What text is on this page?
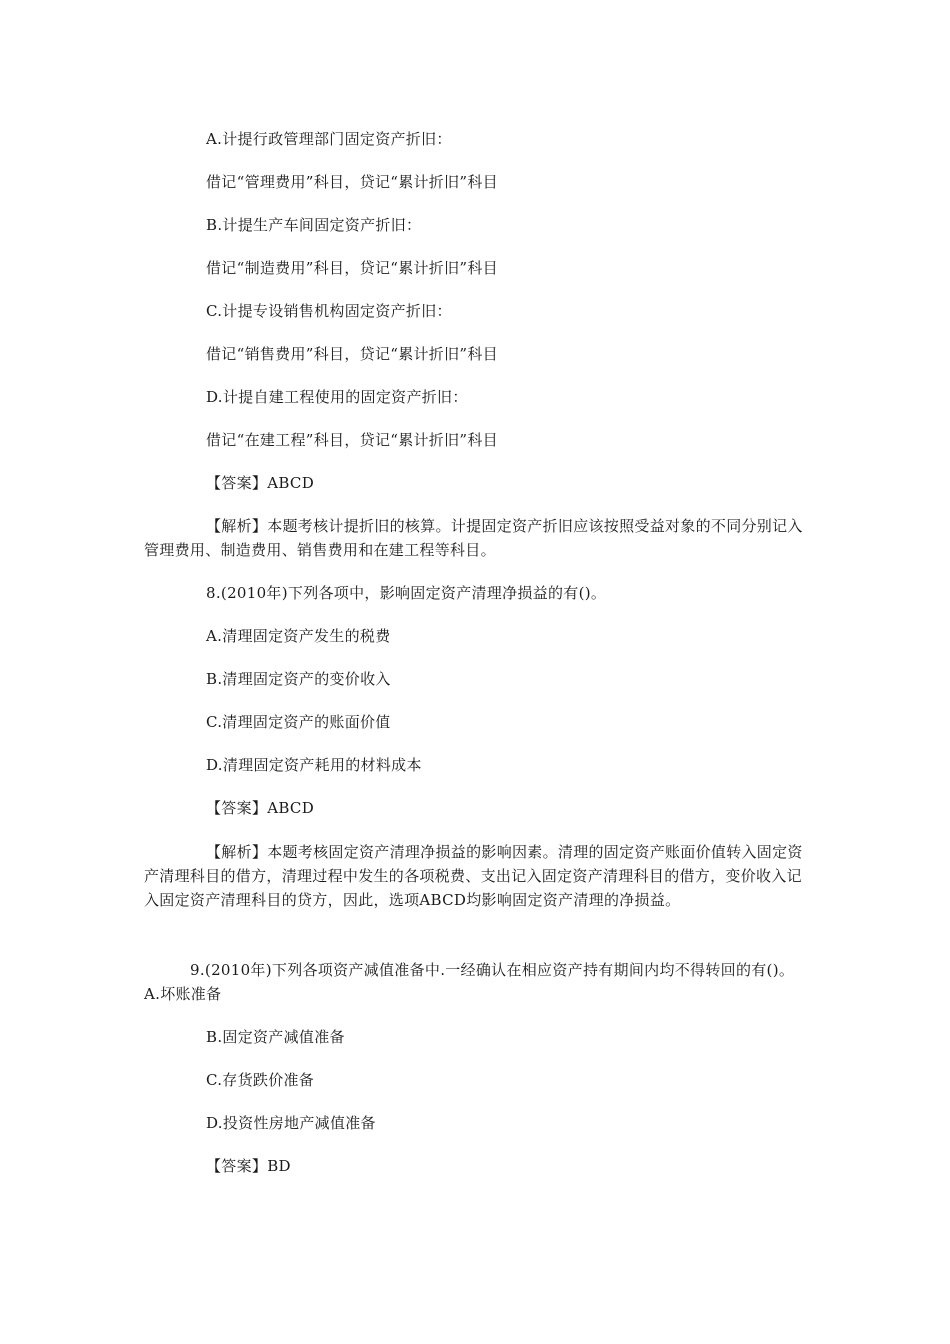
A.计提行政管理部门固定资产折旧：
借记“管理费用”科目，贷记“累计折旧”科目
B.计提生产车间固定资产折旧：
借记“制造费用”科目，贷记“累计折旧”科目
C.计提专设销售机构固定资产折旧：
借记“销售费用”科目，贷记“累计折旧”科目
D.计提自建工程使用的固定资产折旧：
借记“在建工程”科目，贷记“累计折旧”科目
【答案】ABCD
【解析】本题考核计提折旧的核算。计提固定资产折旧应该按照受益对象的不同分别记入管理费用、制造费用、销售费用和在建工程等科目。
8.(2010年)下列各项中，影响固定资产清理净损益的有()。
A.清理固定资产发生的税费
B.清理固定资产的变价收入
C.清理固定资产的账面价值
D.清理固定资产耗用的材料成本
【答案】ABCD
【解析】本题考核固定资产清理净损益的影响因素。清理的固定资产账面价值转入固定资产清理科目的借方，清理过程中发生的各项税费、支出记入固定资产清理科目的借方，变价收入记入固定资产清理科目的贷方，因此，选项ABCD均影响固定资产清理的净损益。
9.(2010年)下列各项资产减值准备中.一经确认在相应资产持有期间内均不得转回的有()。A.坏账准备
B.固定资产减值准备
C.存货跌价准备
D.投资性房地产减值准备
【答案】BD
